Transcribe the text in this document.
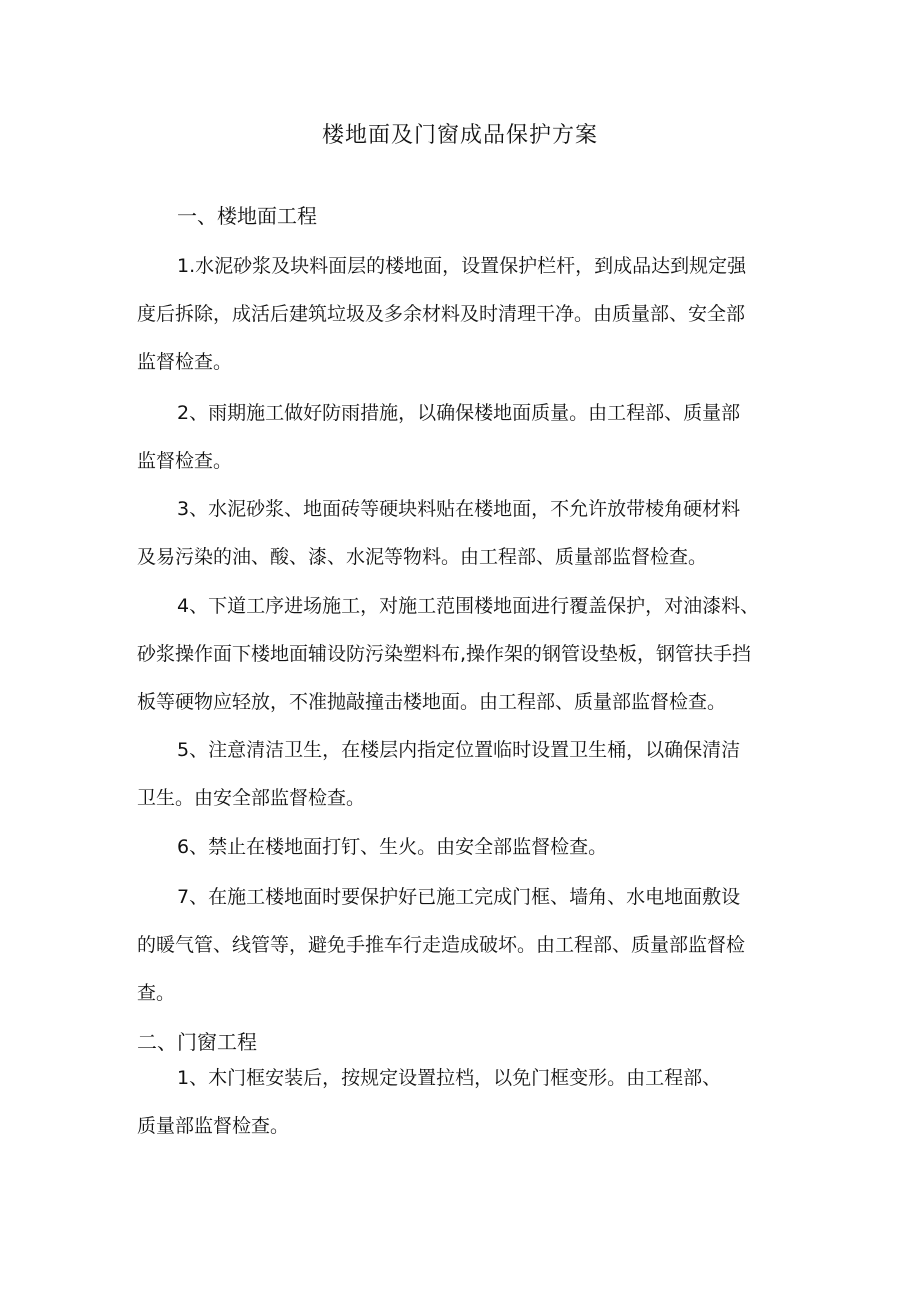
楼地面及门窗成品保护方案
一、楼地面工程
1.水泥砂浆及块料面层的楼地面，设置保护栏杆，到成品达到规定强
度后拆除，成活后建筑垃圾及多余材料及时清理干净。由质量部、安全部
监督检查。
2、雨期施工做好防雨措施，以确保楼地面质量。由工程部、质量部
监督检查。
3、水泥砂浆、地面砖等硬块料贴在楼地面，不允许放带棱角硬材料
及易污染的油、酸、漆、水泥等物料。由工程部、质量部监督检查。
4、下道工序进场施工，对施工范围楼地面进行覆盖保护，对油漆料、
砂浆操作面下楼地面辅设防污染塑料布,操作架的钢管设垫板，钢管扶手挡
板等硬物应轻放，不准抛敲撞击楼地面。由工程部、质量部监督检查。
5、注意清洁卫生，在楼层内指定位置临时设置卫生桶，以确保清洁
卫生。由安全部监督检查。
6、禁止在楼地面打钉、生火。由安全部监督检查。
7、在施工楼地面时要保护好已施工完成门框、墙角、水电地面敷设
的暖气管、线管等，避免手推车行走造成破坏。由工程部、质量部监督检
查。
二、门窗工程
1、木门框安装后，按规定设置拉档，以免门框变形。由工程部、
质量部监督检查。
